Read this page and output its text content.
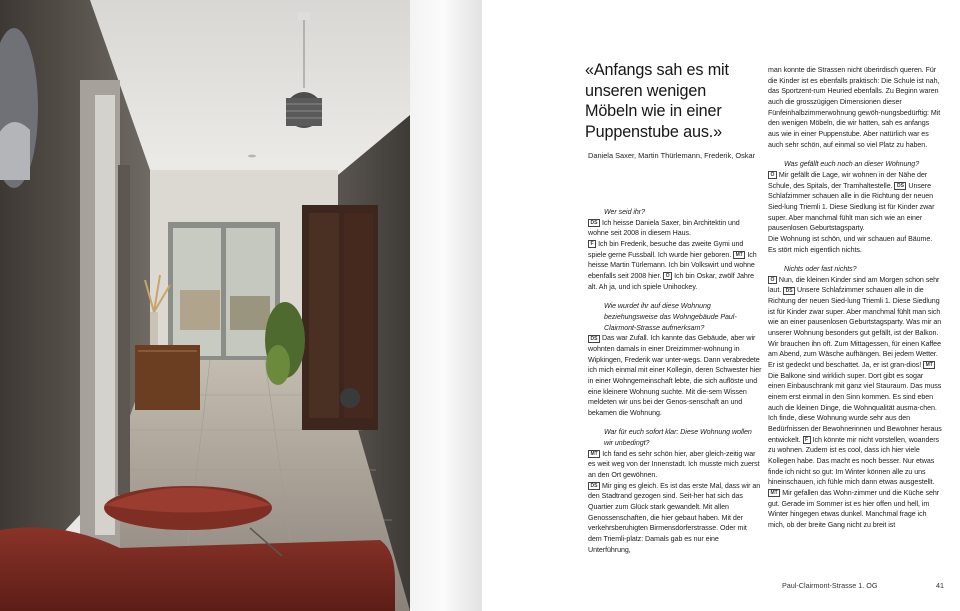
«Anfangs sah es mit unseren wenigen Möbeln wie in einer Puppenstube aus.»

Daniela Saxer, Martin Thürlemann, Frederik, Oskar

Wer seid ihr?

DS Ich heisse Daniela Saxer, bin Architektin und wohne seit 2008 in diesem Haus.

F Ich bin Frederik, besuche das zweite Gymi und spiele gerne Fussball. Ich wurde hier geboren. MT Ich heisse Martin Türlemann. Ich bin Volkswirt und wohne ebenfalls seit 2008 hier. O Ich bin Oskar, zwölf Jahre alt. Ah ja, und ich spiele Unihockey.

Wie wurdet ihr auf diese Wohnung beziehungsweise das Wohngebäude Paul-Clairmont-Strasse aufmerksam?

DS Das war Zufall. Ich kannte das Gebäude, aber wir wohnten damals in einer Dreizimmer-wohnung in Wipkingen, Frederik war unter-wegs. Dann verabredete ich mich einmal mit einer Kollegin, deren Schwester hier in einer Wohngemeinschaft lebte, die sich auflöste und eine kleinere Wohnung suchte. Mit die-sem Wissen meldeten wir uns bei der Genos-senschaft an und bekamen die Wohnung.

War für euch sofort klar: Diese Wohnung wollen wir unbedingt?

MT Ich fand es sehr schön hier, aber gleich-zeitig war es weit weg von der Innenstadt. Ich musste mich zuerst an den Ort gewöhnen.

DS Mir ging es gleich. Es ist das erste Mal, dass wir an den Stadtrand gezogen sind. Seit-her hat sich das Quartier zum Glück stark gewandelt. Mit allen Genossenschaften, die hier gebaut haben. Mit der verkehrsberuhigten Birmensdorferstrasse. Oder mit dem Triemli-platz: Damals gab es nur eine Unterführung,

man konnte die Strassen nicht überirdisch queren. Für die Kinder ist es ebenfalls praktisch: Die Schule ist nah, das Sportzent-rum Heuried ebenfalls. Zu Beginn waren auch die grosszügigen Dimensionen dieser Fünfeinhalbzimmerwohnung gewöh-nungsbedürftig: Mit den wenigen Möbeln, die wir hatten, sah es anfangs aus wie in einer Puppenstube. Aber natürlich war es auch sehr schön, auf einmal so viel Platz zu haben.

Was gefällt euch noch an dieser Wohnung?

O Mir gefällt die Lage, wir wohnen in der Nähe der Schule, des Spitals, der Tramhaltestelle. DS Unsere Schlafzimmer schauen alle in die Richtung der neuen Sied-lung Triemli 1. Diese Siedlung ist für Kinder zwar super. Aber manchmal fühlt man sich wie an einer pausenlosen Geburtstagsparty.

Die Wohnung ist schön, und wir schauen auf Bäume. Es stört mich eigentlich nichts.

Nichts oder fast nichts?

O Nun, die kleinen Kinder sind am Morgen schon sehr laut. DS Unsere Schlafzimmer schauen alle in die Richtung der neuen Sied-lung Triemli 1. Diese Siedlung ist für Kinder zwar super. Aber manchmal fühlt man sich wie an einer pausenlosen Geburtstagsparty. Was mir an unserer Wohnung besonders gut gefällt, ist der Balkon. Wir brauchen ihn oft. Zum Mittagessen, für einen Kaffee am Abend, zum Wäsche aufhängen. Bei jedem Wetter. Er ist gedeckt und beschattet. Ja, er ist gran-dios! MTDie Balkone sind wirklich super. Dort gibt es sogar einen Einbauschrank mit ganz viel Stauraum. Das muss einem erst einmal in den Sinn kommen. Es sind eben auch die kleinen Dinge, die Wohnqualität ausma-chen. Ich finde, diese Wohnung wurde sehr aus den Bedürfnissen der Bewohnerinnen und Bewohner heraus entwickelt. F Ich könnte mir nicht vorstellen, woanders zu wohnen. Zudem ist es cool, dass ich hier viele Kollegen habe. Das macht es noch besser. Nur etwas finde ich nicht so gut: Im Winter können alle zu uns hineinschauen, ich fühle mich dann etwas ausgestellt. MT Mir gefallen das Wohn-zimmer und die Küche sehr gut. Gerade im Sommer ist es hier offen und hell, im Winter hingegen etwas dunkel. Manchmal frage ich mich, ob der breite Gang nicht zu breit ist

Paul-Clairmont-Strasse 1. OG	41
